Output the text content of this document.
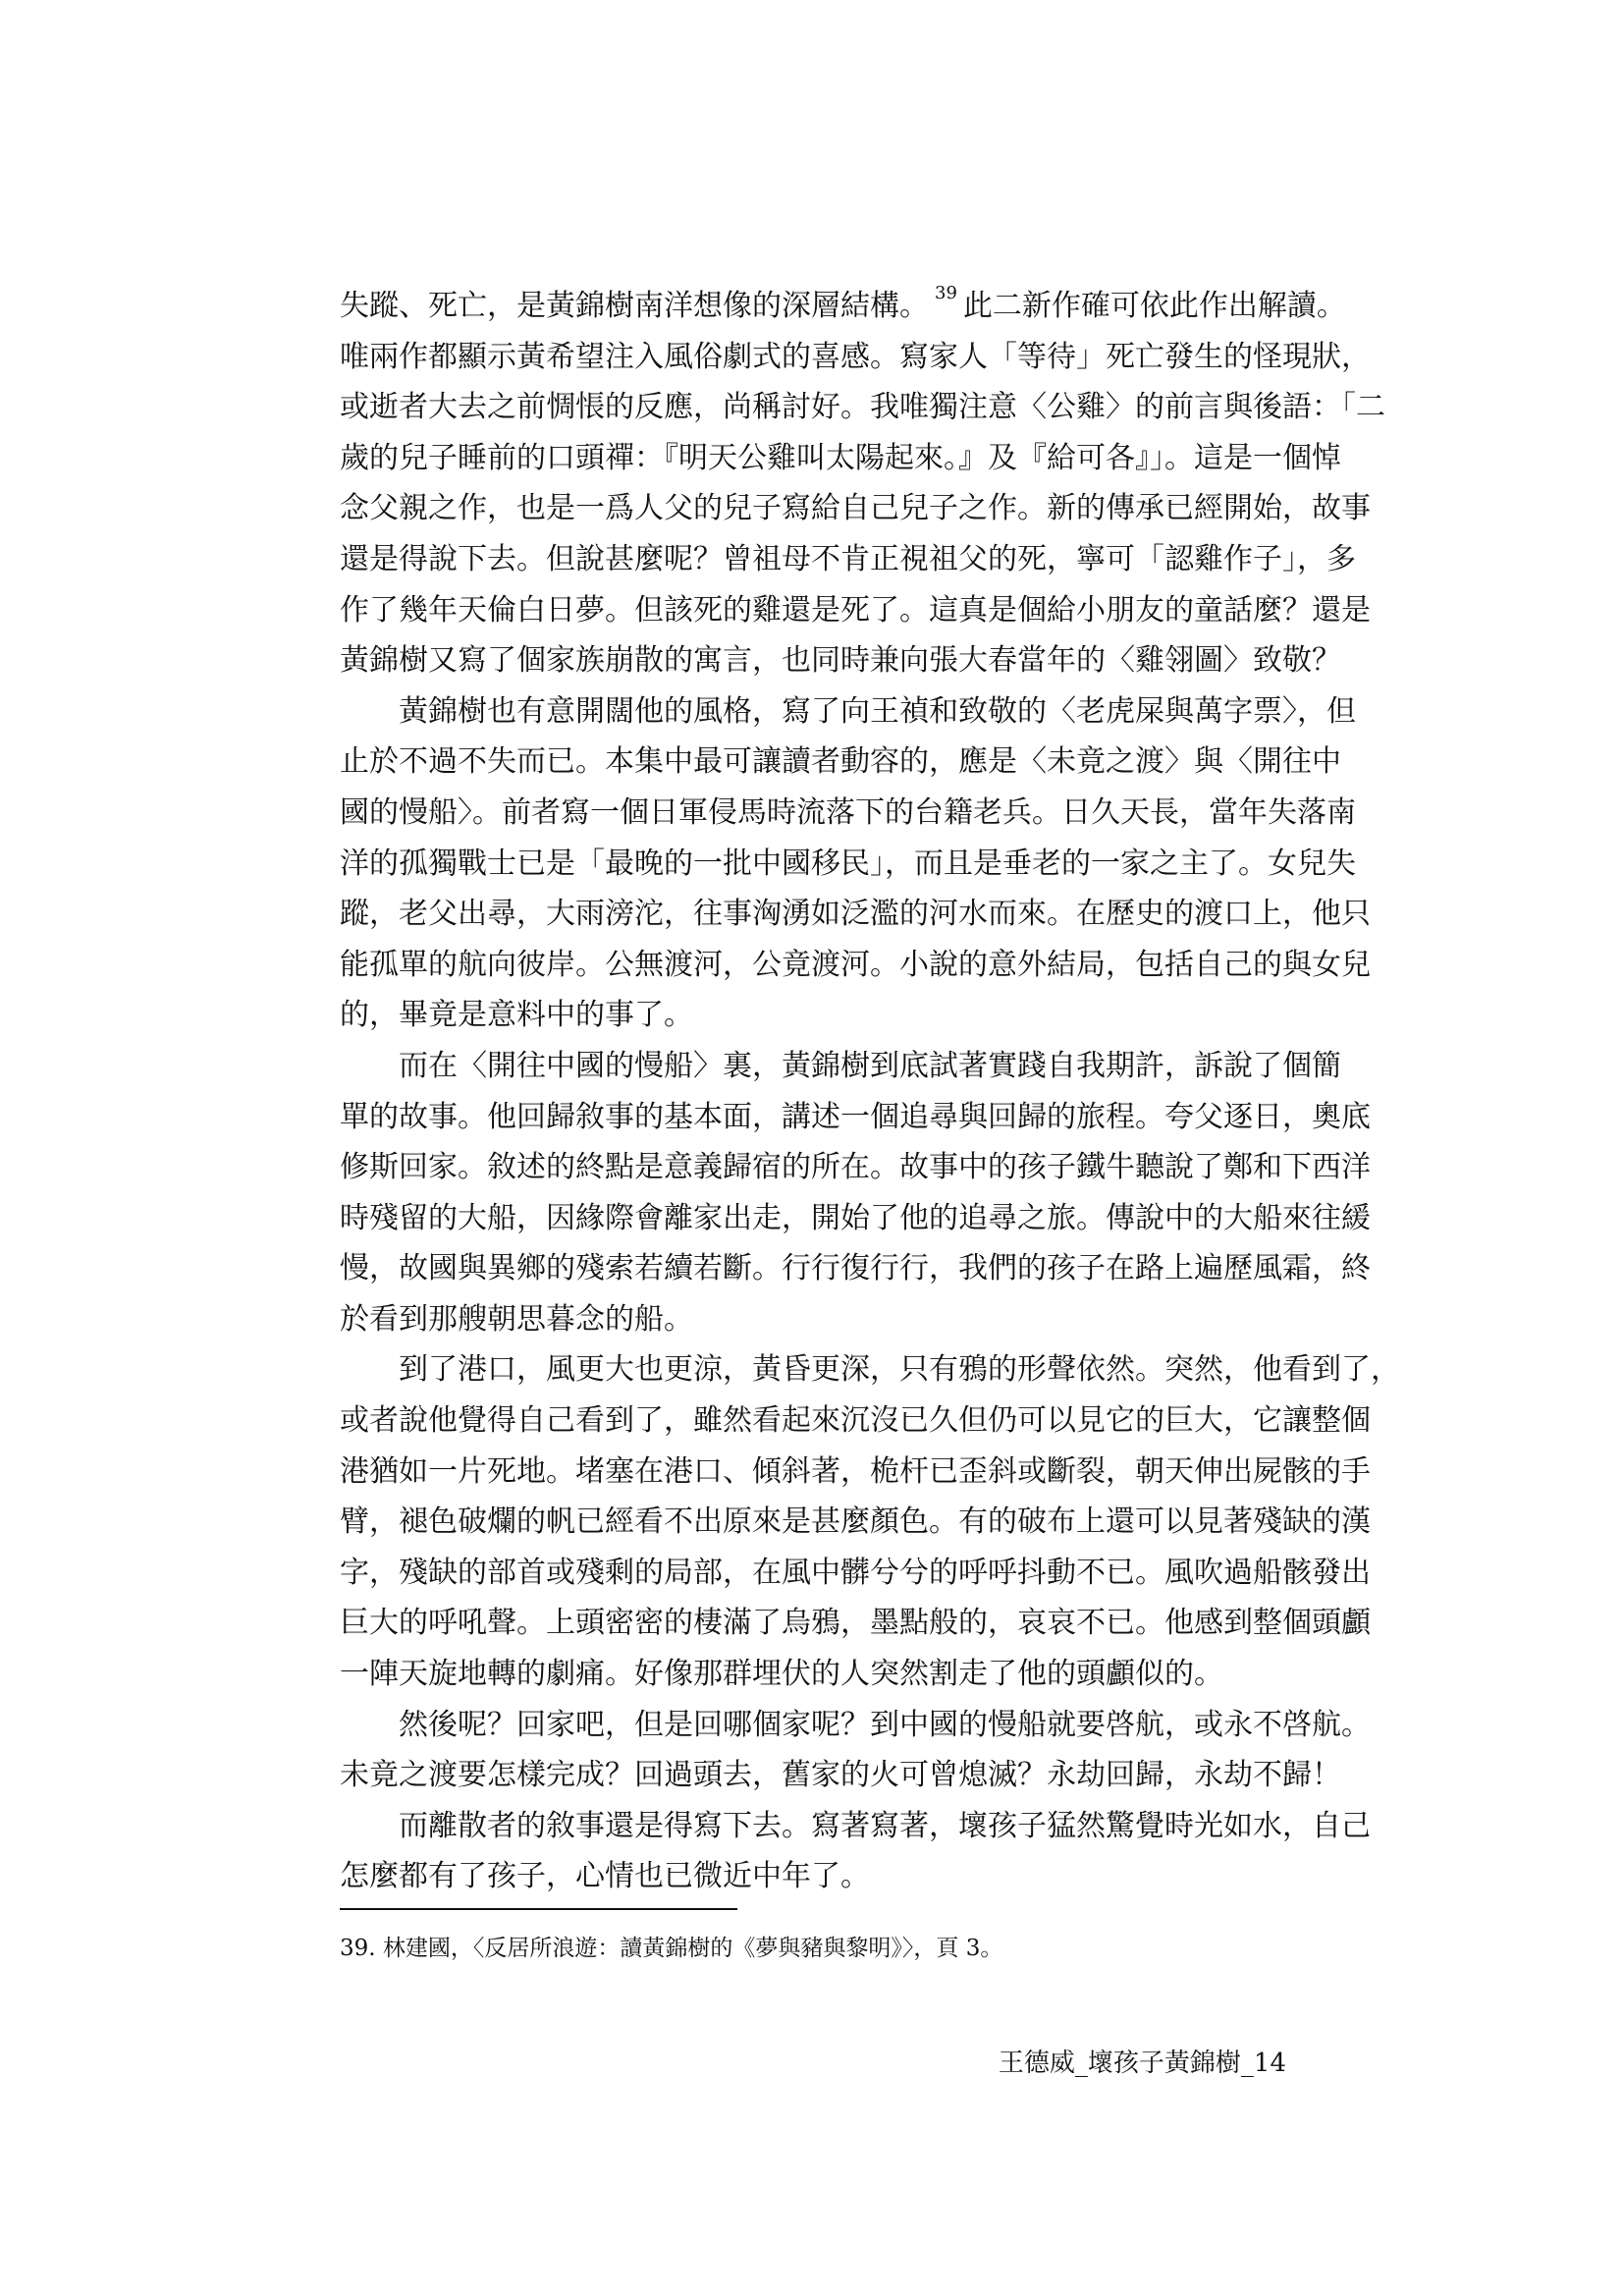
失蹤、死亡，是黃錦樹南洋想像的深層結構。 39 此二新作確可依此作出解讀。
唯兩作都顯示黃希望注入風俗劇式的喜感。寫家人「等待」死亡發生的怪現狀，
或逝者大去之前惆悵的反應，尚稱討好。我唯獨注意〈公雞〉的前言與後語：「二
歲的兒子睡前的口頭禪：『明天公雞叫太陽起來。』及『給可各』」。這是一個悼
念父親之作，也是一爲人父的兒子寫給自己兒子之作。新的傳承已經開始，故事
還是得說下去。但說甚麼呢？曾祖母不肯正視祖父的死，寧可「認雞作子」，多
作了幾年天倫白日夢。但該死的雞還是死了。這真是個給小朋友的童話麼？還是
黃錦樹又寫了個家族崩散的寓言，也同時兼向張大春當年的〈雞翎圖〉致敬？
　　黃錦樹也有意開闊他的風格，寫了向王禎和致敬的〈老虎屎與萬字票〉，但
止於不過不失而已。本集中最可讓讀者動容的，應是〈未竟之渡〉與〈開往中
國的慢船〉。前者寫一個日軍侵馬時流落下的台籍老兵。日久天長，當年失落南
洋的孤獨戰士已是「最晚的一批中國移民」，而且是垂老的一家之主了。女兒失
蹤，老父出尋，大雨滂沱，往事洶湧如泛濫的河水而來。在歷史的渡口上，他只
能孤單的航向彼岸。公無渡河，公竟渡河。小說的意外結局，包括自己的與女兒
的，畢竟是意料中的事了。
　　而在〈開往中國的慢船〉裏，黃錦樹到底試著實踐自我期許，訴說了個簡
單的故事。他回歸敘事的基本面，講述一個追尋與回歸的旅程。夸父逐日，奧底
修斯回家。敘述的終點是意義歸宿的所在。故事中的孩子鐵牛聽說了鄭和下西洋
時殘留的大船，因緣際會離家出走，開始了他的追尋之旅。傳說中的大船來往緩
慢，故國與異鄉的殘索若續若斷。行行復行行，我們的孩子在路上遍歷風霜，終
於看到那艘朝思暮念的船。
　　到了港口，風更大也更涼，黃昏更深，只有鴉的形聲依然。突然，他看到了，
或者說他覺得自己看到了，雖然看起來沉沒已久但仍可以見它的巨大，它讓整個
港猶如一片死地。堵塞在港口、傾斜著，桅杆已歪斜或斷裂，朝天伸出屍骸的手
臂，褪色破爛的帆已經看不出原來是甚麼顏色。有的破布上還可以見著殘缺的漢
字，殘缺的部首或殘剩的局部，在風中髒兮兮的呼呼抖動不已。風吹過船骸發出
巨大的呼吼聲。上頭密密的棲滿了烏鴉，墨點般的，哀哀不已。他感到整個頭顱
一陣天旋地轉的劇痛。好像那群埋伏的人突然割走了他的頭顱似的。
　　然後呢？回家吧，但是回哪個家呢？到中國的慢船就要啓航，或永不啓航。
未竟之渡要怎樣完成？回過頭去，舊家的火可曾熄滅？永劫回歸，永劫不歸！
　　而離散者的敘事還是得寫下去。寫著寫著，壞孩子猛然驚覺時光如水，自己
怎麼都有了孩子，心情也已微近中年了。
39. 林建國，〈反居所浪遊：讀黃錦樹的《夢與豬與黎明》〉，頁 3。
王德威_壞孩子黃錦樹_14
